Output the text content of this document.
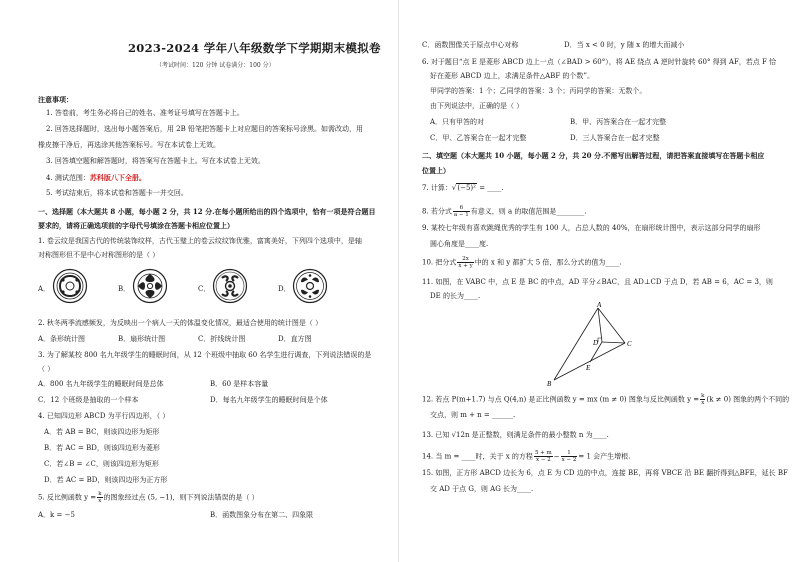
2023-2024 学年八年级数学下学期期末模拟卷
（考试时间：120 分钟 试卷满分：100 分）
注意事项：
1. 答卷前，考生务必将自己的姓名、准考证号填写在答题卡上。
2. 回答选择题时，选出每小题答案后，用 2B 铅笔把答题卡上对应题目的答案标号涂黑。如需改动，用
橡皮擦干净后，再选涂其他答案标号。写在本试卷上无效。
3. 回答填空题和解答题时，将答案写在答题卡上。写在本试卷上无效。
4. 测试范围：苏科版八下全册。
5. 考试结束后，将本试卷和答题卡一并交回。
一、选择题（本大题共 8 小题，每小题 2 分，共 12 分.在每小题所给出的四个选项中，恰有一项是符合题目
要求的，请将正确选项前的字母代号填涂在答题卡相应位置上）
1. 卷云纹是我国古代的传统装饰纹样，古代玉璧上的卷云纹纹饰优雅，富寓美好，下列四个选项中，是轴
对称图形但不是中心对称图形的是（ ）
A．	B．	C．	D．
2. 秋冬两季流感频发，为反映出一个病人一天的体温变化情况，最适合使用的统计图是（ ）
A．条形统计图	B．扇形统计图	C．折线统计图	D．直方图
3. 为了解某校 800 名九年级学生的睡眠时间，从 12 个班级中抽取 60 名学生进行调查，下列说法错误的是
（ ）
A．800 名九年级学生的睡眠时间是总体	B．60 是样本容量
C．12 个班级是抽取的一个样本	D．每名九年级学生的睡眠时间是个体
4. 已知四边形 ABCD 为平行四边形，（ ）
A．若 AB = BC，则该四边形为矩形
B．若 AC = BD，则该四边形为菱形
C．若∠B = ∠C，则该四边形为矩形
D．若 AC = BD，则该四边形为正方形
5. 反比例函数 $y = \frac{k}{x}$ 的图象经过点 (5, −1)，则下列说法错误的是（ ）
A．k = −5	B．函数图象分布在第二、四象限
C．函数图像关于原点中心对称	D．当 x < 0 时，y 随 x 的增大而减小
6. 对于题目“点 E 是菱形 ABCD 边上一点（∠BAD > 60°），将 AE 绕点 A 逆时针旋转 60° 得到 AF，若点 F 恰
好在菱形 ABCD 边上，求满足条件△ABF 的个数”。
甲同学的答案：1 个；乙同学的答案：3 个；丙同学的答案：无数个。
由下列说法中，正确的是（ ）
A．只有甲答的对	B．甲、丙答案合在一起才完整
C．甲、乙答案合在一起才完整	D．三人答案合在一起才完整
二、填空题（本大题共 10 小题，每小题 2 分，共 20 分.不需写出解答过程，请把答案直接填写在答题卡相应
位置上）
7. 计算：√(−5)² = ____.
8. 若分式 $\frac{6}{a - 1}$ 有意义，则 a 的取值范围是________.
9. 某校七年级有喜欢跳绳优秀的学生有 100 人，占总人数的 40%，在扇形统计图中，表示这部分同学的扇形
圆心角度是____度.
10. 把分式 $\frac{2x}{x + y}$ 中的 x 和 y 都扩大 5 倍，那么分式的值为____.
11. 如图，在 VABC 中，点 E 是 BC 的中点，AD 平分∠BAC，且 AD⊥CD 于点 D，若 AB = 6，AC = 3，则
DE 的长为____.
A
B
C
D
E
12. 若点 P(m+1.7) 与点 Q(4,n) 是正比例函数 y = mx (m ≠ 0) 图象与反比例函数 $y = \frac{k}{x} (k \ne 0)$ 图象的两个不同的
交点，则 m + n = ______.
13. 已知 √12n 是正整数，则满足条件的最小整数 n 为____.
14. 当 m = ____时，关于 x 的方程 $\frac{5 + m}{x - 2} - \frac{1}{x - 2} = 1$ 会产生增根.
15. 如图，正方形 ABCD 边长为 6，点 E 为 CD 边的中点，连接 BE，再将 VBCE 沿 BE 翻折得到△BFE，延长 BF
交 AD 于点 G，则 AG 长为____.
